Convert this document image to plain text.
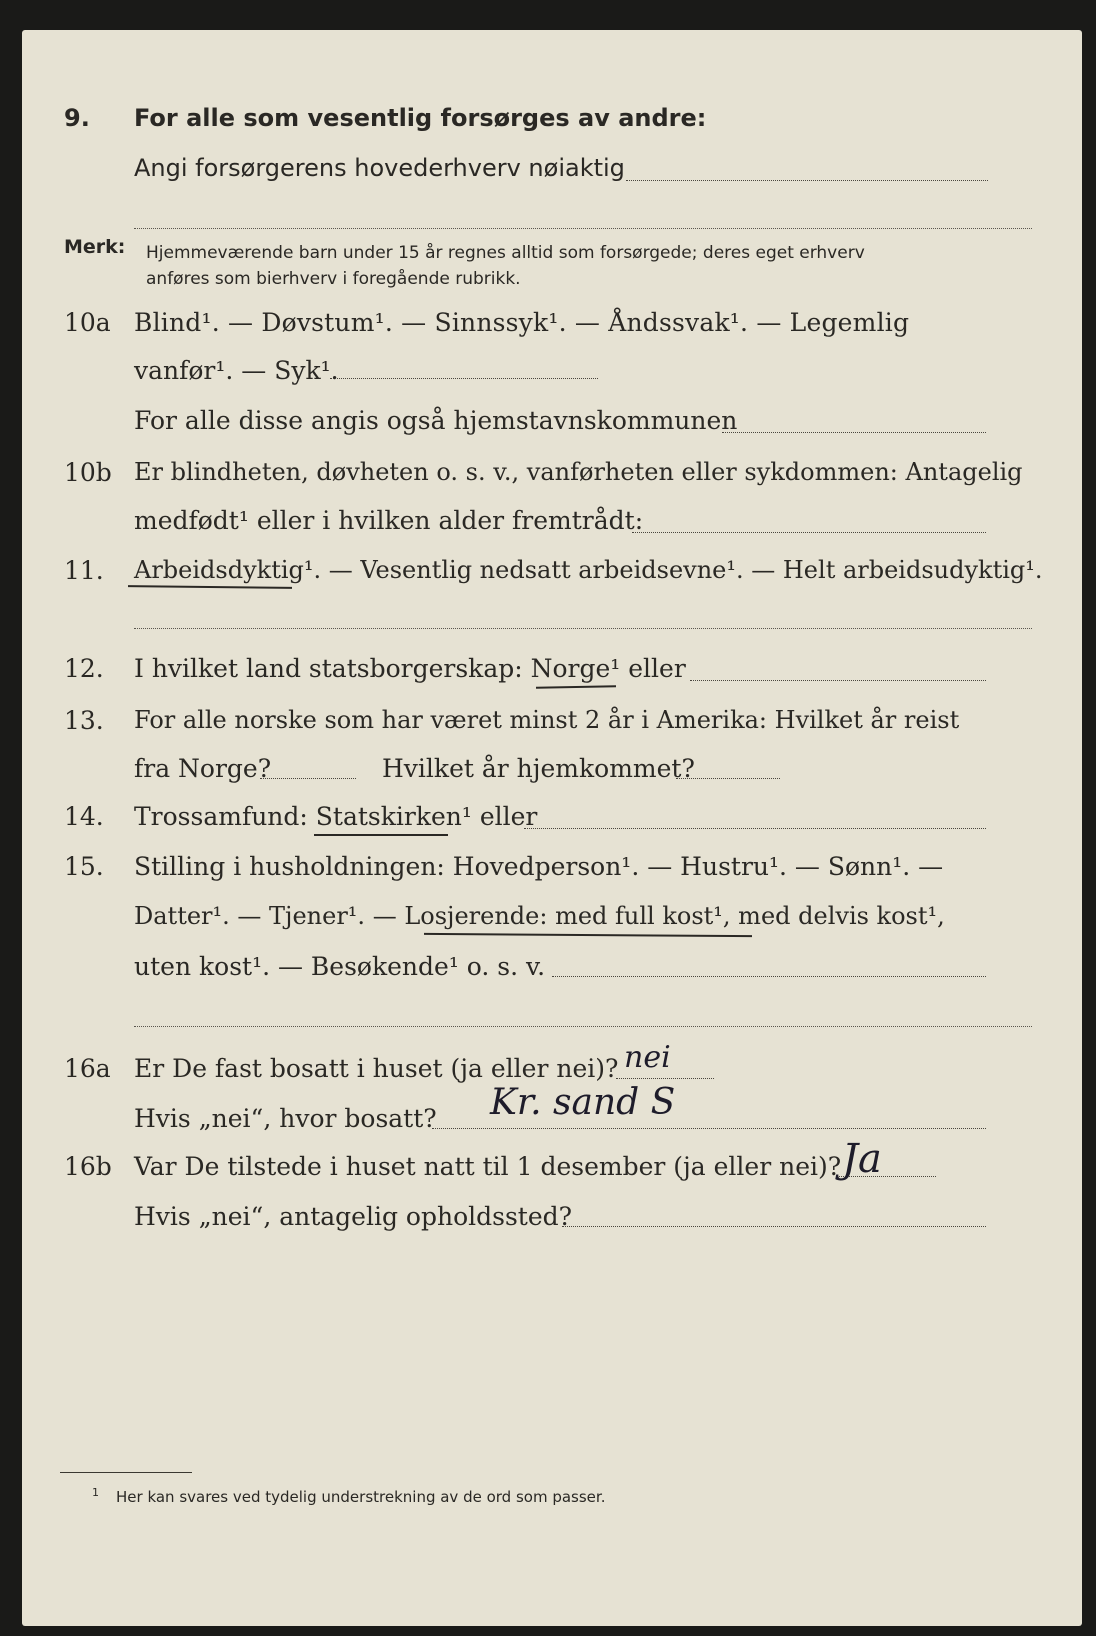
9. For alle som vesentlig forsørges av andre:
Angi forsørgerens hovederhverv nøiaktig
Merk: Hjemmeværende barn under 15 år regnes alltid som forsørgede; deres eget erhverv
anføres som bierhverv i foregående rubrikk.
10a Blind¹. — Døvstum¹. — Sinnssyk¹. — Åndssvak¹. — Legemlig
vanfør¹. — Syk¹.
For alle disse angis også hjemstavnskommunen
10b Er blindheten, døvheten o. s. v., vanførheten eller sykdommen: Antagelig
medfødt¹ eller i hvilken alder fremtrådt:
11. Arbeidsdyktig¹. — Vesentlig nedsatt arbeidsevne¹. — Helt arbeidsudyktig¹.
12. I hvilket land statsborgerskap: Norge¹ eller
13. For alle norske som har været minst 2 år i Amerika: Hvilket år reist
fra Norge?	Hvilket år hjemkommet?
14. Trossamfund: Statskirken¹ eller
15. Stilling i husholdningen: Hovedperson¹. — Hustru¹. — Sønn¹. —
Datter¹. — Tjener¹. — Losjerende: med full kost¹, med delvis kost¹,
uten kost¹. — Besøkende¹ o. s. v.
16a Er De fast bosatt i huset (ja eller nei)? nei
Hvis „nei“, hvor bosatt? Kr. sand S
16b Var De tilstede i huset natt til 1 desember (ja eller nei)? Ja
Hvis „nei“, antagelig opholdssted?
1 Her kan svares ved tydelig understrekning av de ord som passer.
